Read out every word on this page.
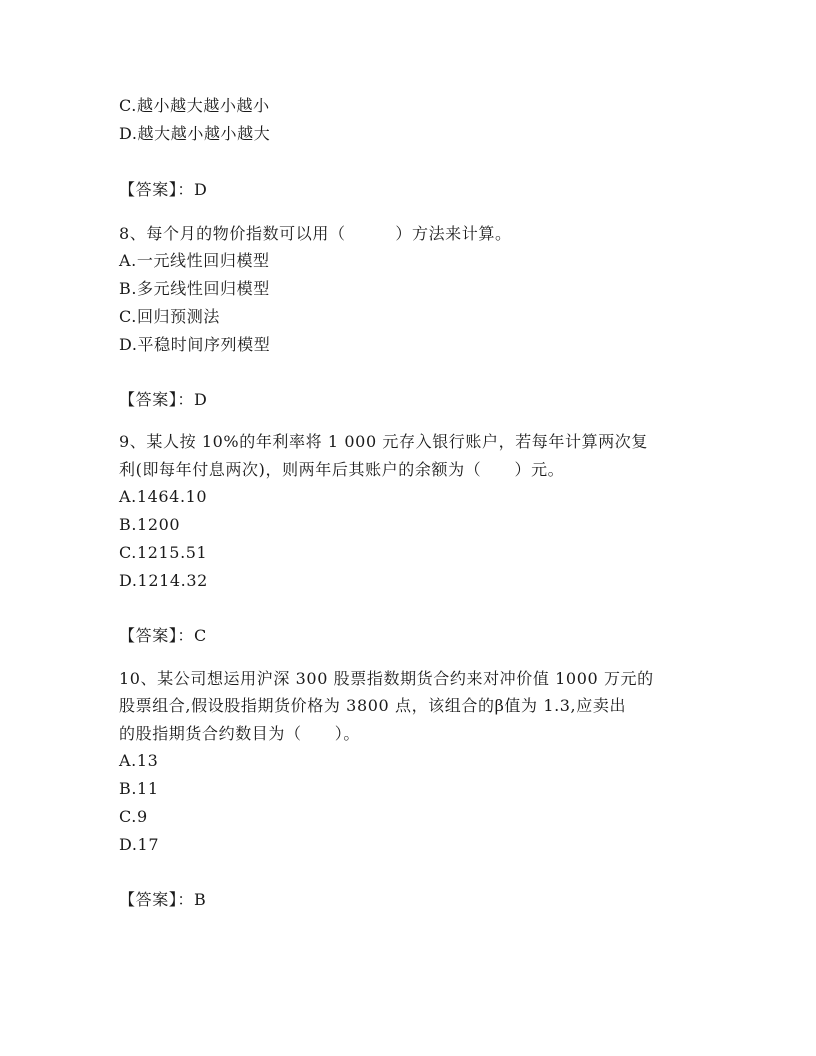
C.越小越大越小越小
D.越大越小越小越大
【答案】：D
8、每个月的物价指数可以用（　　　）方法来计算。
A.一元线性回归模型
B.多元线性回归模型
C.回归预测法
D.平稳时间序列模型
【答案】：D
9、某人按 10%的年利率将 1 000 元存入银行账户，若每年计算两次复
利(即每年付息两次)，则两年后其账户的余额为（　　）元。
A.1464.10
B.1200
C.1215.51
D.1214.32
【答案】：C
10、某公司想运用沪深 300 股票指数期货合约来对冲价值 1000 万元的
股票组合,假设股指期货价格为 3800 点，该组合的β值为 1.3,应卖出
的股指期货合约数目为（　　）。
A.13
B.11
C.9
D.17
【答案】：B
